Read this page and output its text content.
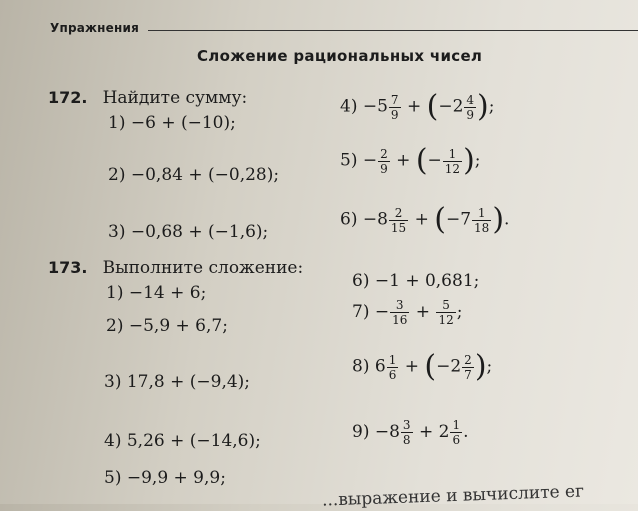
Упражнения
Сложение рациональных чисел
172. Найдите сумму:
1) −6 + (−10);
2) −0,84 + (−0,28);
3) −0,68 + (−1,6);
$4) -5 \frac{7}{9} + (-2 \frac{4}{9}$ );
$5) - \frac{2}{9}$ + (− $\frac{1}{12}$ );
$6) -8 \frac{2}{15} + (-7 \frac{1}{18}$ ).
173. Выполните сложение:
1) −14 + 6;
2) −5,9 + 6,7;
3) 17,8 + (−9,4);
4) 5,26 + (−14,6);
5) −9,9 + 9,9;
6) −1 + 0,681;
$7) - \frac{3}{16} + \frac{5}{12}$ ;
8) $6 \frac{1}{6} + (-2 \frac{2}{7}$ );
$9) -8 \frac{3}{8} + 2 \frac{1}{6}$ .
...выражение и вычислите ег
